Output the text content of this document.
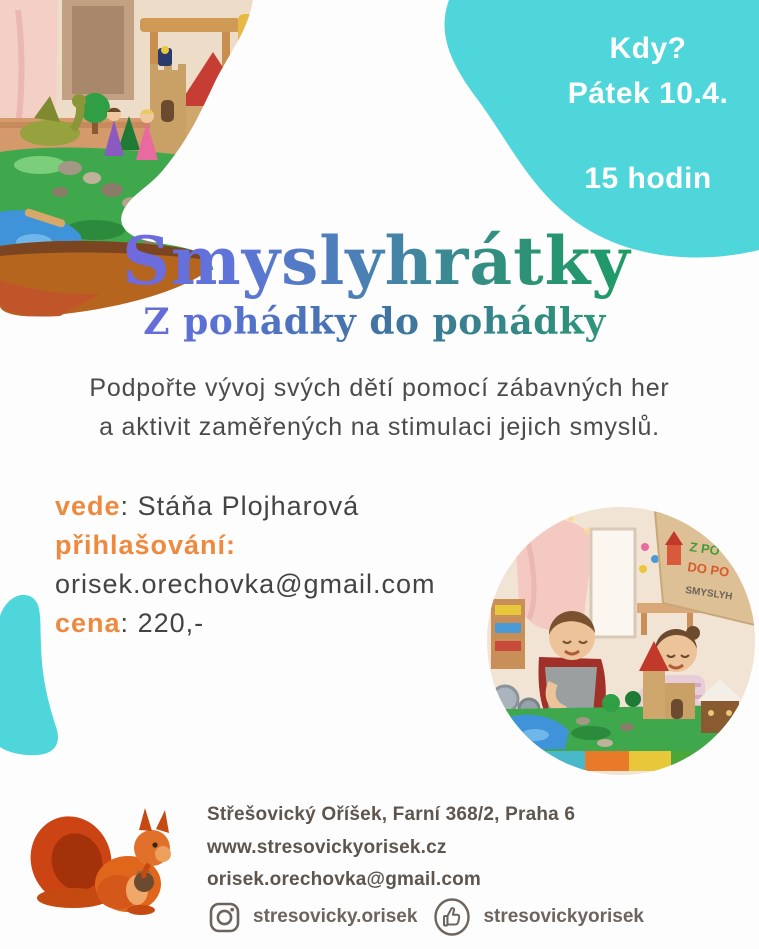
Kdy?
Pátek 10.4.
15 hodin
Smyslyhrátky
Z pohádky do pohádky
Podpořte vývoj svých dětí pomocí zábavných her
a aktivit zaměřených na stimulaci jejich smyslů.
vede: Stáňa Plojharová
přihlašování:
orisek.orechovka@gmail.com
cena: 220,-
Z PO
DO PO
SMYSLYH
Střešovický Oříšek, Farní 368/2, Praha 6
www.stresovickyorisek.cz
orisek.orechovka@gmail.com
stresovicky.orisek	stresovickyorisek
